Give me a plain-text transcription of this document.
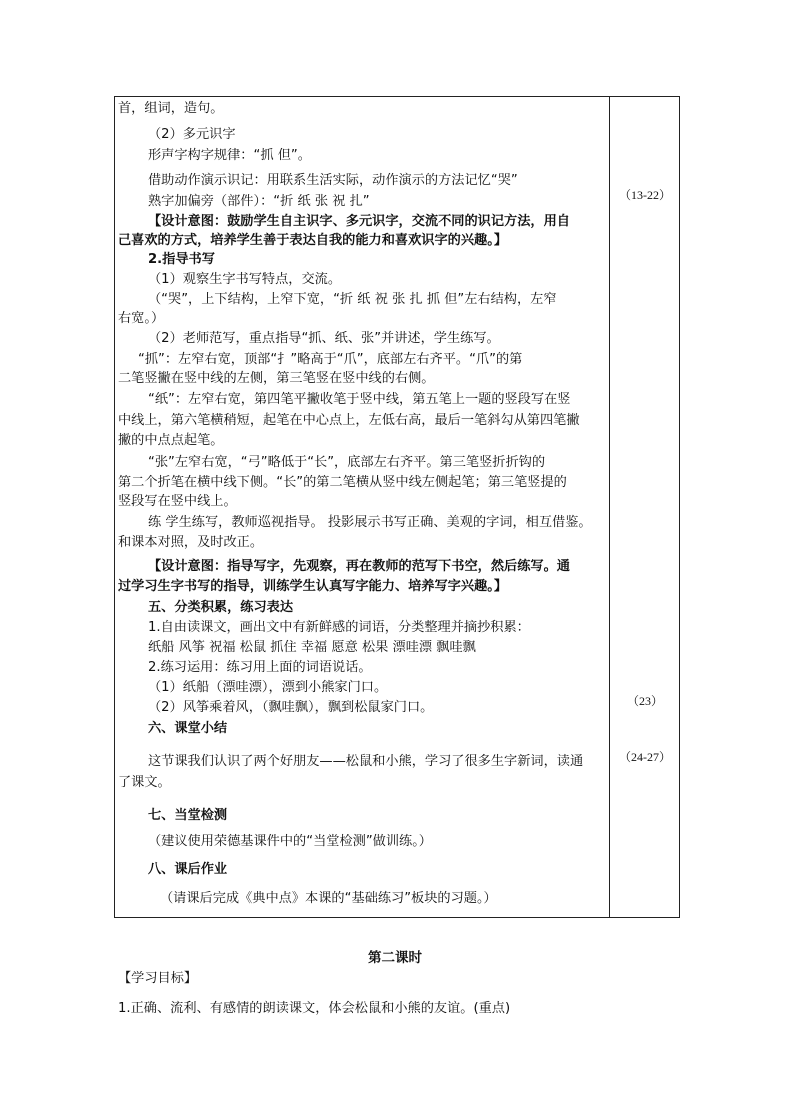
首，组词，造句。
（2）多元识字
形声字构字规律：“抓 但”。
借助动作演示识记：用联系生活实际，动作演示的方法记忆“哭”
熟字加偏旁（部件）：“折 纸 张 祝 扎”
【设计意图：鼓励学生自主识字、多元识字，交流不同的识记方法，用自
己喜欢的方式，培养学生善于表达自我的能力和喜欢识字的兴趣。】
2.指导书写
（1）观察生字书写特点，交流。
（“哭”，上下结构，上窄下宽，“折 纸 祝 张 扎 抓 但”左右结构，左窄
右宽。）
（2）老师范写，重点指导“抓、纸、张”并讲述，学生练写。
“抓”：左窄右宽，顶部“扌”略高于“爪”，底部左右齐平。“爪”的第
二笔竖撇在竖中线的左侧，第三笔竖在竖中线的右侧。
“纸”：左窄右宽，第四笔平撇收笔于竖中线，第五笔上一题的竖段写在竖
中线上，第六笔横稍短，起笔在中心点上，左低右高，最后一笔斜勾从第四笔撇
撇的中点点起笔。
“张”左窄右宽，“弓”略低于“长”，底部左右齐平。第三笔竖折折钩的
第二个折笔在横中线下侧。“长”的第二笔横从竖中线左侧起笔；第三笔竖提的
竖段写在竖中线上。
练 学生练写，教师巡视指导。 投影展示书写正确、美观的字词，相互借鉴。
和课本对照，及时改正。
【设计意图：指导写字，先观察，再在教师的范写下书空，然后练写。通
过学习生字书写的指导，训练学生认真写字能力、培养写字兴趣。】
五、分类积累，练习表达
1.自由读课文，画出文中有新鲜感的词语，分类整理并摘抄积累：
纸船 风筝 祝福 松鼠 抓住 幸福 愿意 松果 漂哇漂 飘哇飘
2.练习运用：练习用上面的词语说话。
（1）纸船（漂哇漂），漂到小熊家门口。
（2）风筝乘着风，（飘哇飘），飘到松鼠家门口。
六、课堂小结
这节课我们认识了两个好朋友——松鼠和小熊，学习了很多生字新词，读通
了课文。
七、当堂检测
（建议使用荣德基课件中的“当堂检测”做训练。）
八、课后作业
（请课后完成《典中点》本课的“基础练习”板块的习题。）
（13-22）
（23）
（24-27）
第二课时
【学习目标】
1.正确、流利、有感情的朗读课文，体会松鼠和小熊的友谊。(重点)
